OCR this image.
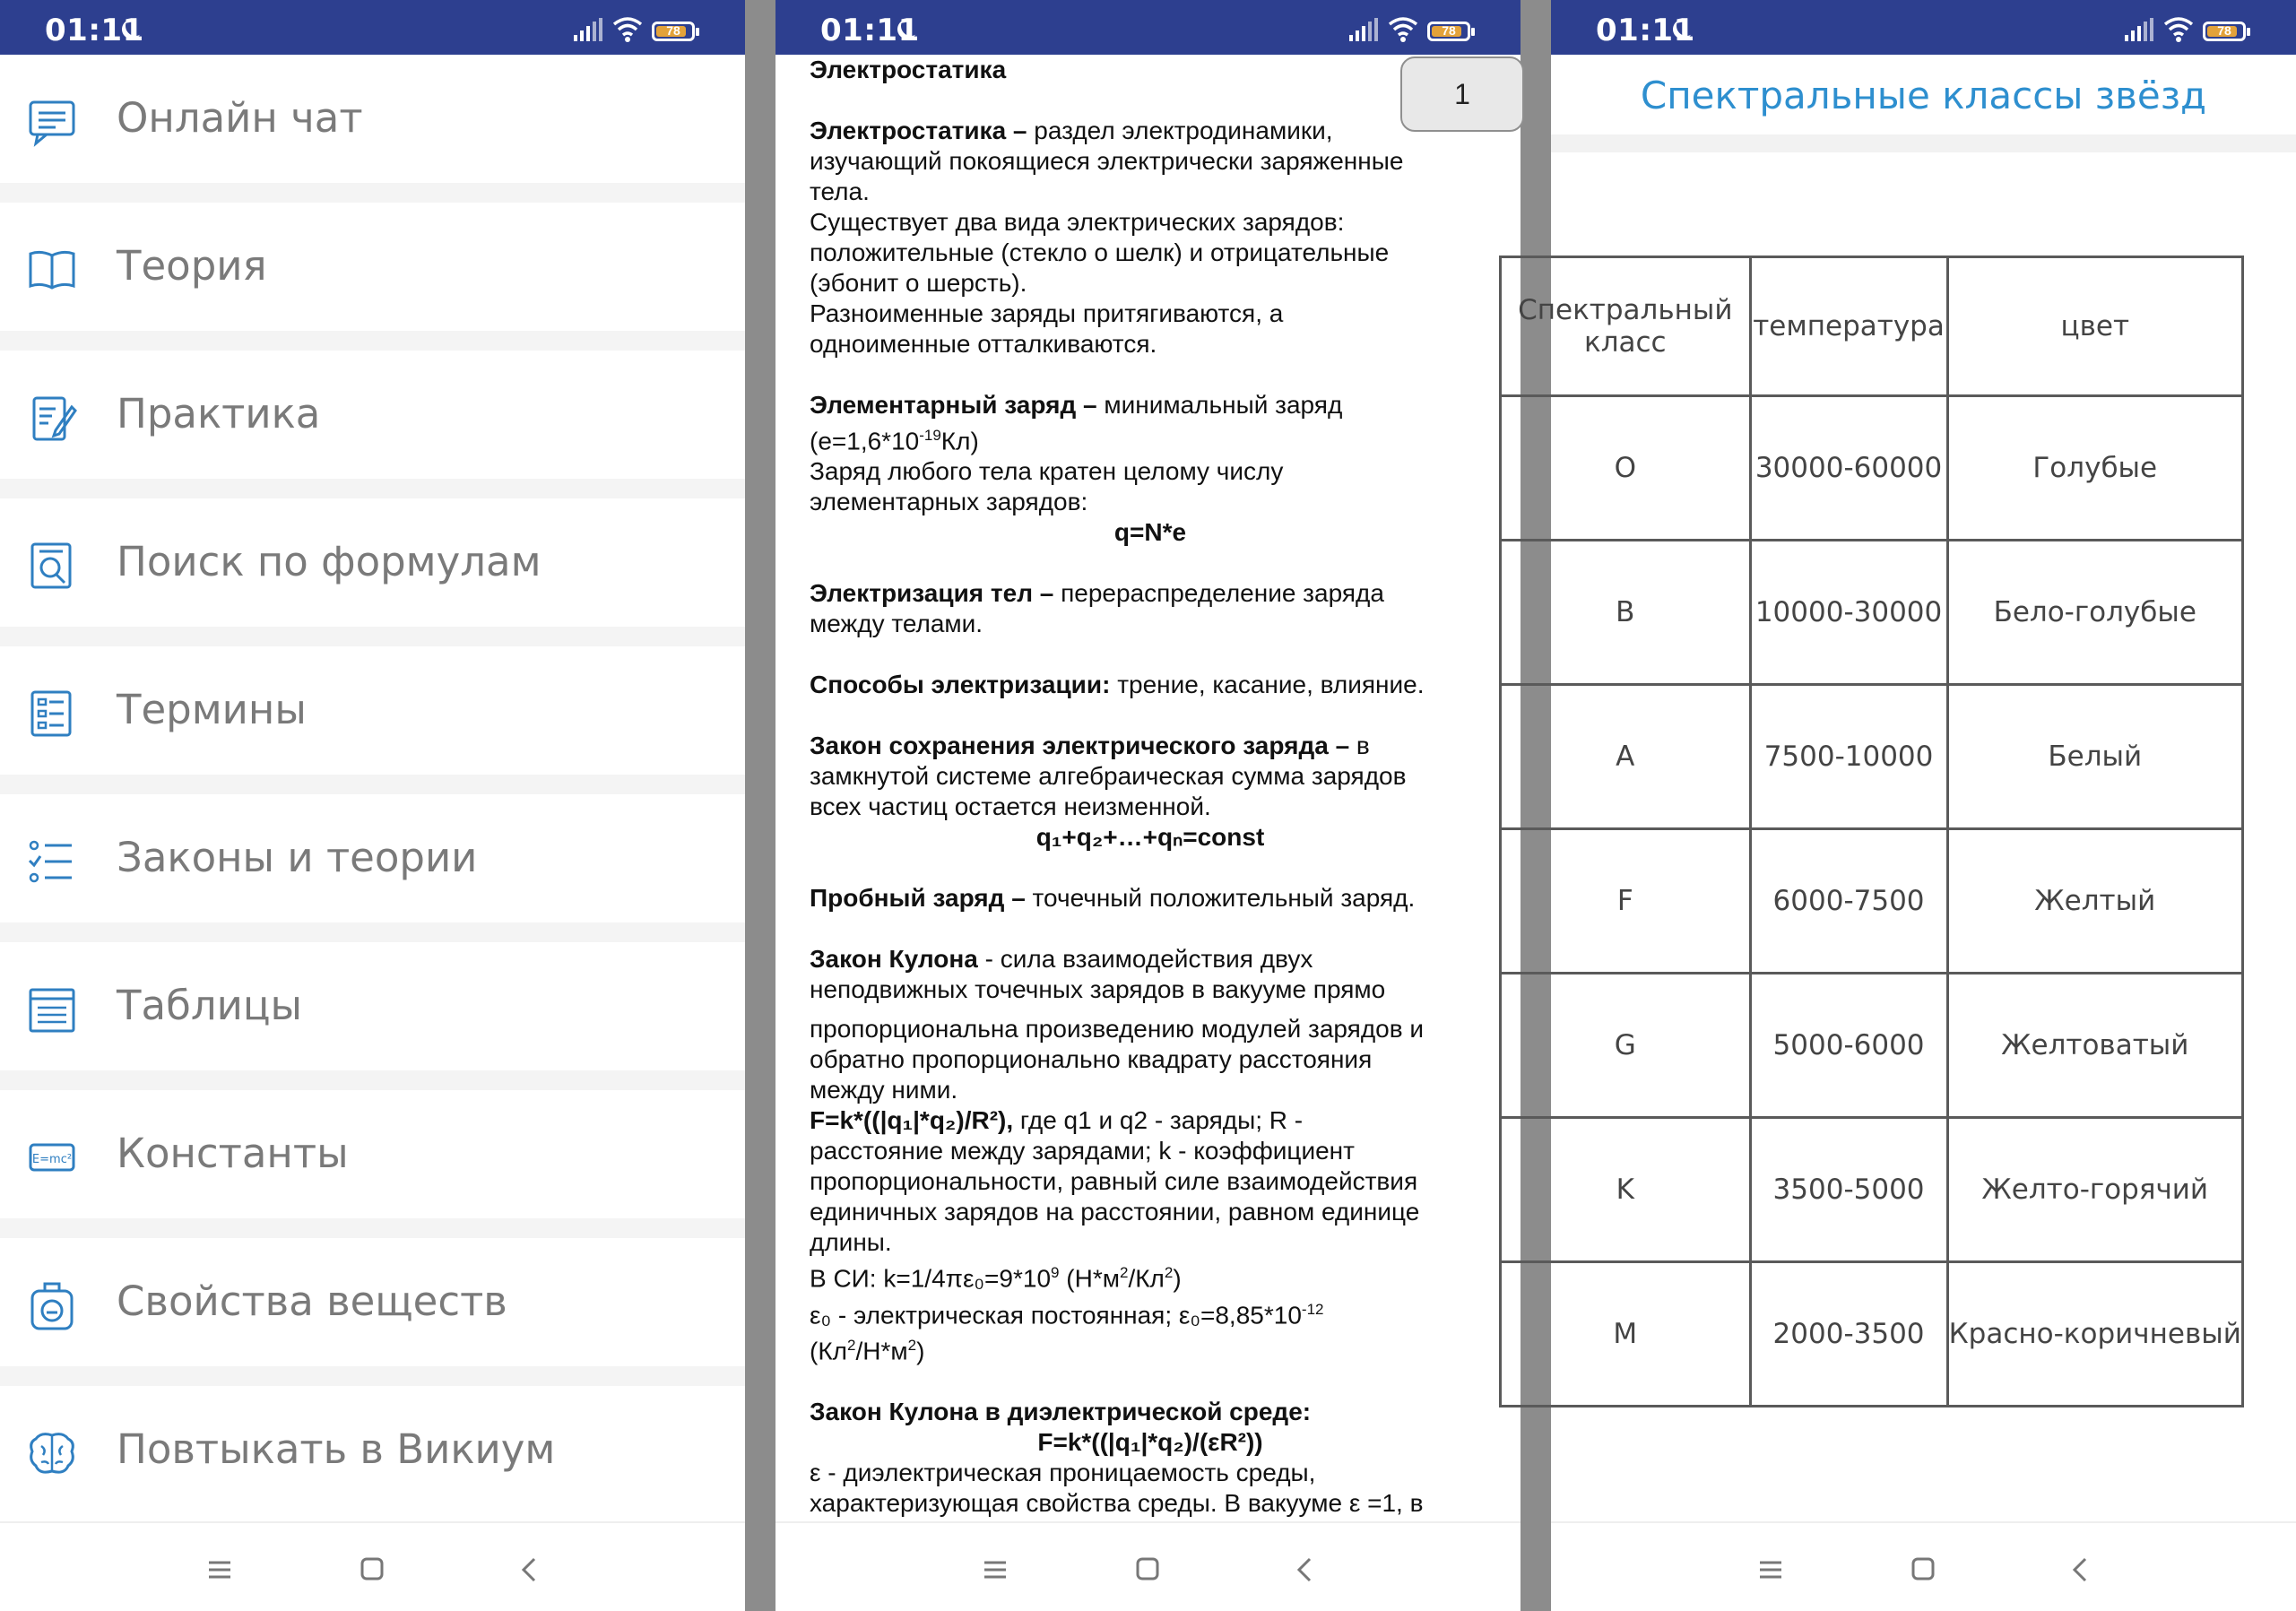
01:11	78
Онлайн чат
Теория
Практика
Поиск по формулам
Термины
Законы и теории
Таблицы
E=mc² Константы
Свойства веществ
Повтыкать в Викиум
01:11	78

Электростатика

Электростатика – раздел электродинамики,
изучающий покоящиеся электрически заряженные
тела.
Существует два вида электрических зарядов:
положительные (стекло о шелк) и отрицательные
(эбонит о шерсть).
Разноименные заряды притягиваются, а
одноименные отталкиваются.

Элементарный заряд – минимальный заряд
$(е=1,6*10^{-19}Кл)$
Заряд любого тела кратен целому числу
элементарных зарядов:

q=N*e

Электризация тел – перераспределение заряда
между телами.

Способы электризации: трение, касание, влияние.

Закон сохранения электрического заряда – в
замкнутой системе алгебраическая сумма зарядов
всех частиц остается неизменной.

q₁+q₂+…+qₙ=const

Пробный заряд – точечный положительный заряд.

Закон Кулона - сила взаимодействия двух
неподвижных точечных зарядов в вакууме прямо

пропорциональна произведению модулей зарядов и
обратно пропорционально квадрату расстояния
между ними.

F=k*((|q₁|*q₂)/R²), где q1 и q2 - заряды; R -
расстояние между зарядами; k - коэффициент
пропорциональности, равный силе взаимодействия
единичных зарядов на расстоянии, равном единице
длины.

В СИ: $k=1/4\pi\varepsilon_0=9*10^9$ $(Н*м^2/Кл^2)$

ε₀ - электрическая постоянная; $\varepsilon_0=8,85*10^{-12}$
$(Кл^2/Н*м^2)$

Закон Кулона в диэлектрической среде:

F=k*((|q₁|*q₂)/(εR²))

ε - диэлектрическая проницаемость среды,
характеризующая свойства среды. В вакууме ε =1, в

1
01:11	78
Спектральные классы звёзд
Спектральный класс	температура	цвет
O	30000-60000	Голубые
B	10000-30000	Бело-голубые
A	7500-10000	Белый
F	6000-7500	Желтый
G	5000-6000	Желтоватый
K	3500-5000	Желто-горячий
M	2000-3500	Красно-коричневый
